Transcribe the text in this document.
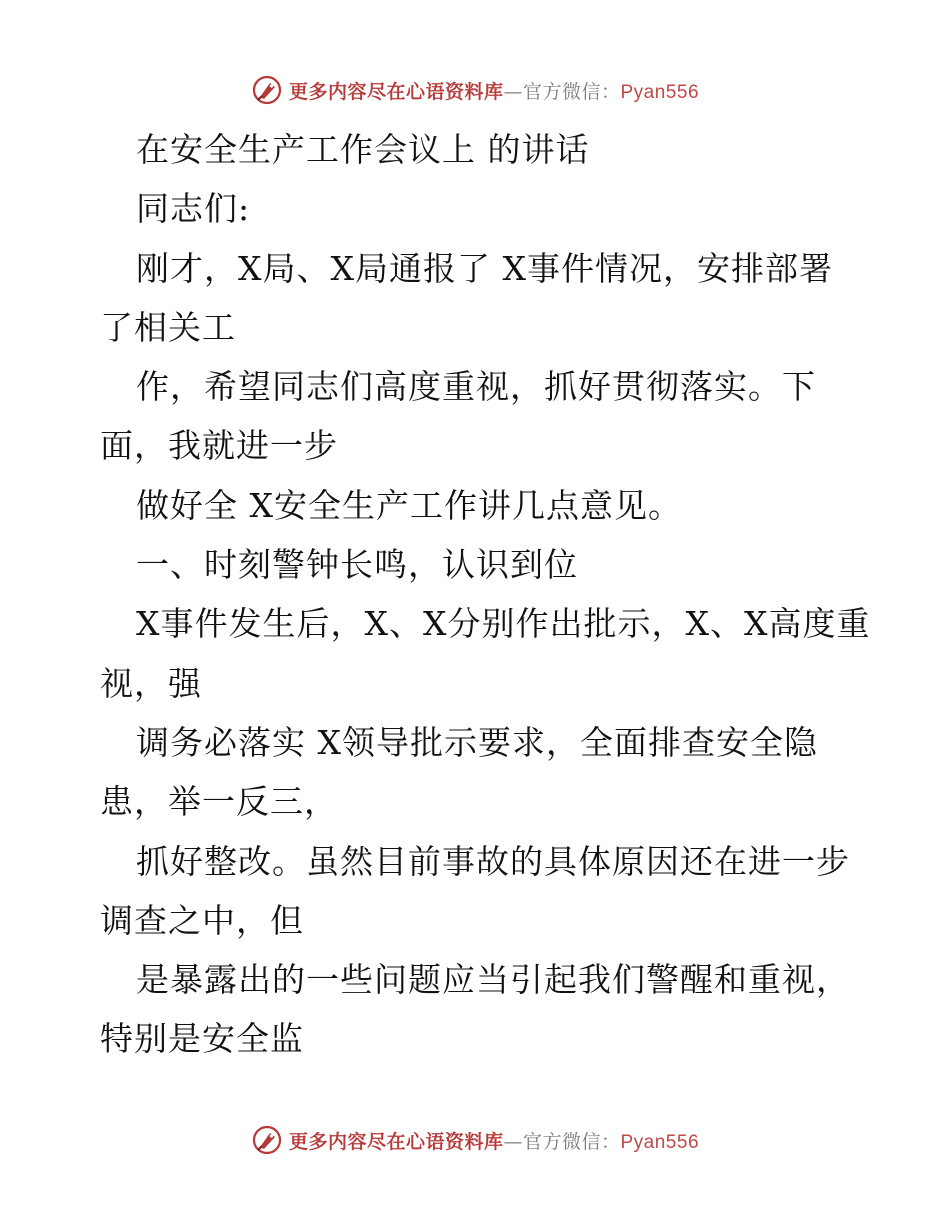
更多内容尽在心语资料库—官方微信：Pyan556
在安全生产工作会议上 的讲话
同志们:
刚才，X局、X局通报了 X事件情况，安排部署
了相关工
作，希望同志们高度重视，抓好贯彻落实。下
面，我就进一步
做好全 X安全生产工作讲几点意见。
一、时刻警钟长鸣，认识到位
X事件发生后，X、X分别作出批示，X、X高度重
视，强
调务必落实 X领导批示要求，全面排查安全隐
患，举一反三，
抓好整改。虽然目前事故的具体原因还在进一步
调查之中，但
是暴露出的一些问题应当引起我们警醒和重视，
特别是安全监
更多内容尽在心语资料库—官方微信：Pyan556
